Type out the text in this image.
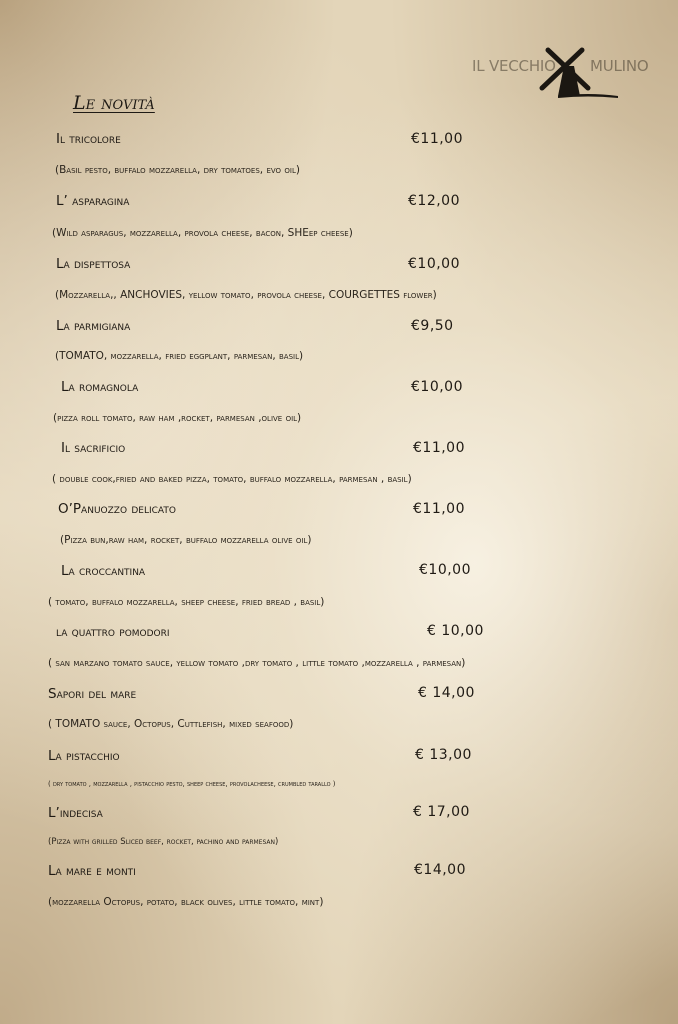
IL VECCHIO MULINO
Le novità
Il tricolore	€11,00
(Basil pesto, buffalo mozzarella, dry tomatoes, evo oil)
L’ asparagina	€12,00
(Wild asparagus, mozzarella, provola cheese, bacon, SHEep cheese)
La dispettosa	€10,00
(Mozzarella,, ANCHOVIES, yellow tomato, provola cheese, COURGETTES flower)
La parmigiana	€9,50
(TOMATO, mozzarella, fried eggplant, parmesan, basil)
La romagnola	€10,00
(pizza roll tomato, raw ham ,rocket, parmesan ,olive oil)
Il sacrificio	€11,00
( double cook,fried and baked pizza, tomato, buffalo mozzarella, parmesan , basil)
O’Panuozzo delicato	€11,00
(Pizza bun,raw ham, rocket, buffalo mozzarella olive oil)
La croccantina	€10,00
( tomato, buffalo mozzarella, sheep cheese, fried bread , basil)
la quattro pomodori	€ 10,00
( san marzano tomato sauce, yellow tomato ,dry tomato , little tomato ,mozzarella , parmesan)
Sapori del mare	€ 14,00
( TOMATO sauce, Octopus, Cuttlefish, mixed seafood)
La pistacchio	€ 13,00
( dry tomato , mozzarella , pistacchio pesto, sheep cheese, provolacheese, crumbled tarallo )
L’indecisa	€ 17,00
(Pizza with grilled Sliced beef, rocket, pachino and parmesan)
La mare e monti	€14,00
(mozzarella Octopus, potato, black olives, little tomato, mint)
